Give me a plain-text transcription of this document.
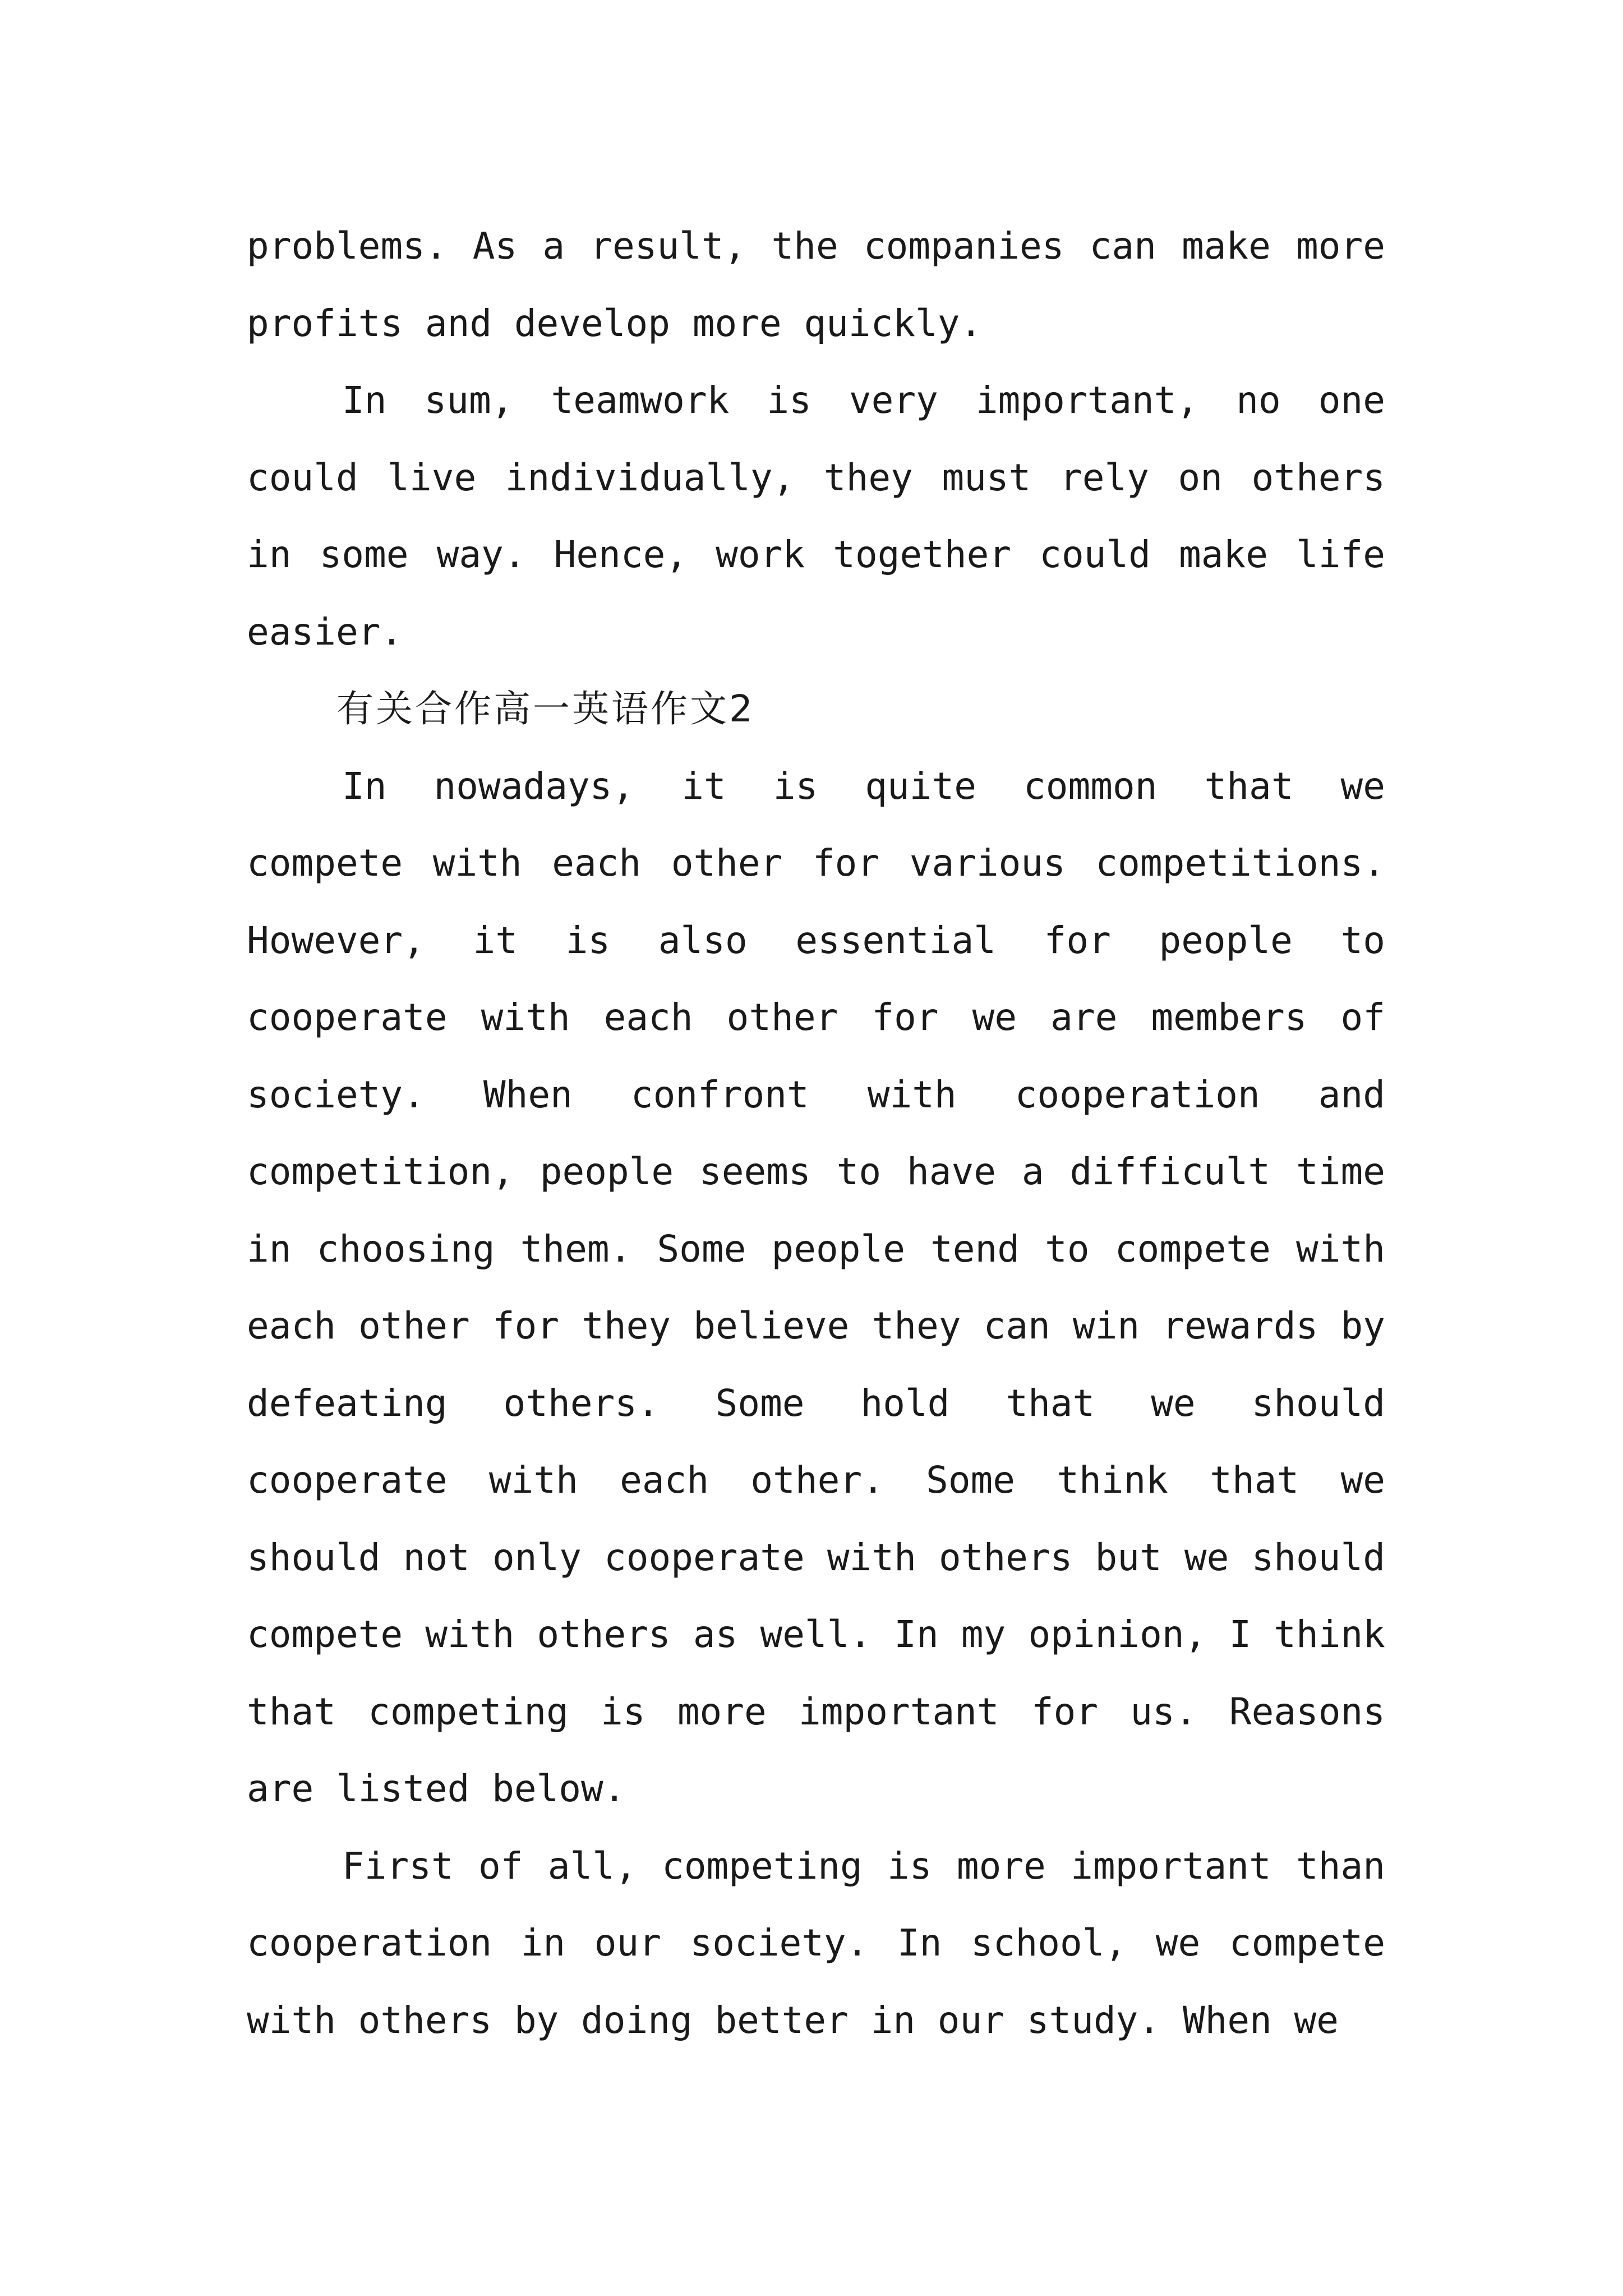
problems. As a result, the companies can make more profits and develop more quickly.

In sum, teamwork is very important, no one could live individually, they must rely on others in some way. Hence, work together could make life easier.

有关合作高一英语作文2

In nowadays, it is quite common that we compete with each other for various competitions. However, it is also essential for people to cooperate with each other for we are members of society. When confront with cooperation and competition, people seems to have a difficult time in choosing them. Some people tend to compete with each other for they believe they can win rewards by defeating others. Some hold that we should cooperate with each other. Some think that we should not only cooperate with others but we should compete with others as well. In my opinion, I think that competing is more important for us. Reasons are listed below.

First of all, competing is more important than cooperation in our society. In school, we compete with others by doing better in our study. When we
